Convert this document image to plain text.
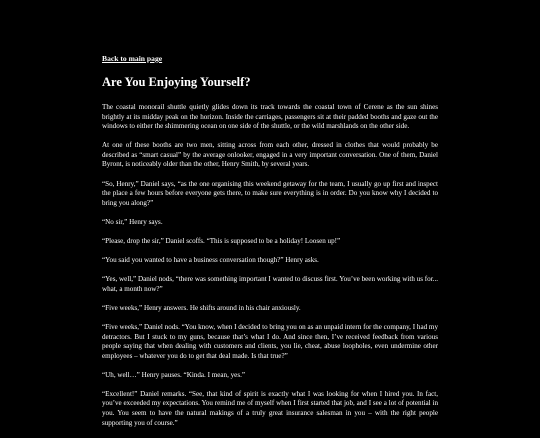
Back to main page
Are You Enjoying Yourself?

The coastal monorail shuttle quietly glides down its track towards the coastal town of Cerene as the sun shines brightly at its midday peak on the horizon. Inside the carriages, passengers sit at their padded booths and gaze out the windows to either the shimmering ocean on one side of the shuttle, or the wild marshlands on the other side.

At one of these booths are two men, sitting across from each other, dressed in clothes that would probably be described as “smart casual” by the average onlooker, engaged in a very important conversation. One of them, Daniel Byront, is noticeably older than the other, Henry Smith, by several years.

“So, Henry,” Daniel says, “as the one organising this weekend getaway for the team, I usually go up first and inspect the place a few hours before everyone gets there, to make sure everything is in order. Do you know why I decided to bring you along?”

“No sir,” Henry says.

“Please, drop the sir,” Daniel scoffs. “This is supposed to be a holiday! Loosen up!”

“You said you wanted to have a business conversation though?” Henry asks.

“Yes, well,” Daniel nods, “there was something important I wanted to discuss first. You’ve been working with us for... what, a month now?”

“Five weeks,” Henry answers. He shifts around in his chair anxiously.

“Five weeks,” Daniel nods. “You know, when I decided to bring you on as an unpaid intern for the company, I had my detractors. But I stuck to my guns, because that’s what I do. And since then, I’ve received feedback from various people saying that when dealing with customers and clients, you lie, cheat, abuse loopholes, even undermine other employees – whatever you do to get that deal made. Is that true?”

“Uh, well…” Henry pauses. “Kinda. I mean, yes.”

“Excellent!” Daniel remarks. “See, that kind of spirit is exactly what I was looking for when I hired you. In fact, you’ve exceeded my expectations. You remind me of myself when I first started that job, and I see a lot of potential in you. You seem to have the natural makings of a truly great insurance salesman in you – with the right people supporting you of course.”
